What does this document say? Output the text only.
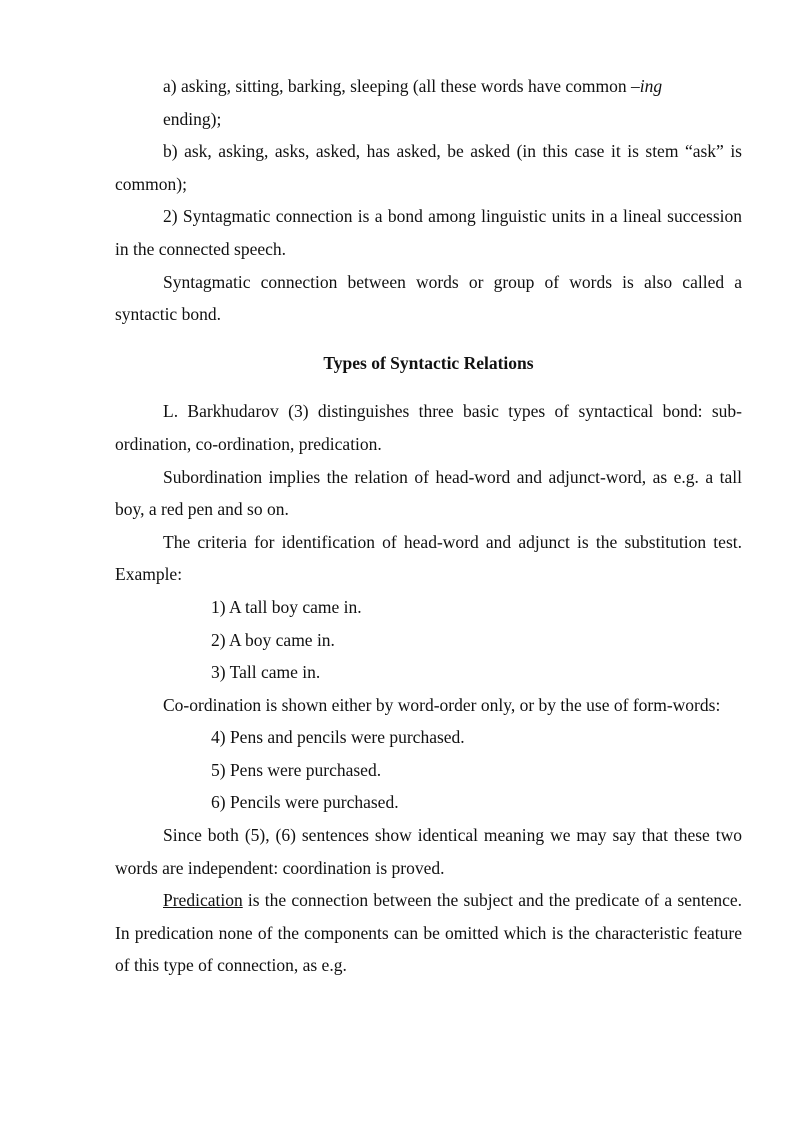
a) asking, sitting, barking, sleeping (all these words have common –ing

ending);

b) ask, asking, asks, asked, has asked, be asked (in this case it is stem “ask” is common);

2) Syntagmatic connection is a bond among linguistic units in a lineal succession in the connected speech.

Syntagmatic connection between words or group of words is also called a syntactic bond.

Types of Syntactic Relations

L. Barkhudarov (3) distinguishes three basic types of syntactical bond: sub-ordination, co-ordination, predication.

Subordination implies the relation of head-word and adjunct-word, as e.g. a tall boy, a red pen and so on.

The criteria for identification of head-word and adjunct is the substitution test. Example:

1) A tall boy came in.

2) A boy came in.

3) Tall came in.

Co-ordination is shown either by word-order only, or by the use of form-words:

4) Pens and pencils were purchased.

5) Pens were purchased.

6) Pencils were purchased.

Since both (5), (6) sentences show identical meaning we may say that these two words are independent: coordination is proved.

Predication is the connection between the subject and the predicate of a sentence. In predication none of the components can be omitted which is the characteristic feature of this type of connection, as e.g.
